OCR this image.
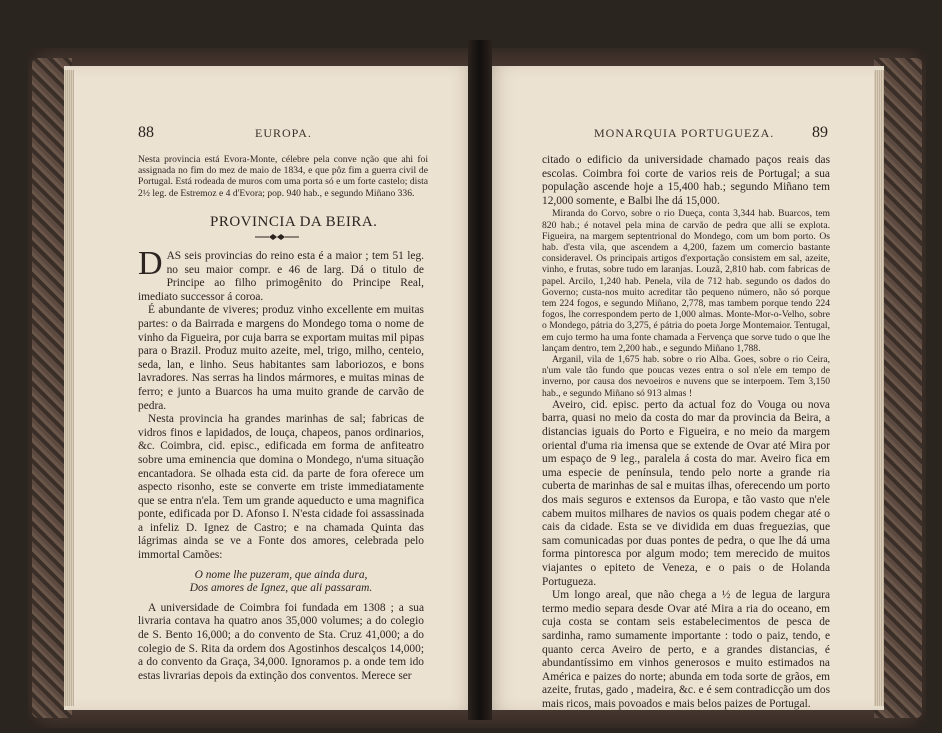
88	EUROPA.

Nesta provincia está Evora-Monte, célebre pela conve nção que ahi foi assignada no fim do mez de maio de 1834, e que pôz fim a guerra civil de Portugal. Está rodeada de muros com uma porta só e um forte castelo; dista 2½ leg. de Estremoz e 4 d'Evora; pop. 940 hab., e segundo Miñano 336.

PROVINCIA DA BEIRA.

DAS seis provincias do reino esta é a maior ; tem 51 leg. no seu maior compr. e 46 de larg. Dá o titulo de Principe ao filho primogênito do Principe Real, imediato successor á coroa.

É abundante de viveres; produz vinho excellente em muitas partes: o da Bairrada e margens do Mondego toma o nome de vinho da Figueira, por cuja barra se exportam muitas mil pipas para o Brazil. Produz muito azeite, mel, trigo, milho, centeio, seda, lan, e linho. Seus habitantes sam laboriozos, e bons lavradores. Nas serras ha lindos mármores, e muitas minas de ferro; e junto a Buarcos ha uma muito grande de carvão de pedra.

Nesta provincia ha grandes marinhas de sal; fabricas de vidros finos e lapidados, de louça, chapeos, panos ordinarios, &c. Coimbra, cid. episc., edificada em forma de anfiteatro sobre uma eminencia que domina o Mondego, n'uma situação encantadora. Se olhada esta cid. da parte de fora oferece um aspecto risonho, este se converte em triste immediatamente que se entra n'ela. Tem um grande aqueducto e uma magnifica ponte, edificada por D. Afonso I. N'esta cidade foi assassinada a infeliz D. Ignez de Castro; e na chamada Quinta das lágrimas ainda se ve a Fonte dos amores, celebrada pelo immortal Camões:

O nome lhe puzeram, que ainda dura,

Dos amores de Ignez, que ali passaram.

A universidade de Coimbra foi fundada em 1308 ; a sua livraria contava ha quatro anos 35,000 volumes; a do colegio de S. Bento 16,000; a do convento de Sta. Cruz 41,000; a do colegio de S. Rita da ordem dos Agostinhos descalços 14,000; a do convento da Graça, 34,000. Ignoramos p. a onde tem ido estas livrarias depois da extinção dos conventos. Merece ser

MONARQUIA PORTUGUEZA. 89

citado o edificio da universidade chamado paços reais das escolas. Coimbra foi corte de varios reis de Portugal; a sua população ascende hoje a 15,400 hab.; segundo Miñano tem 12,000 somente, e Balbi lhe dá 15,000.

Miranda do Corvo, sobre o rio Dueça, conta 3,344 hab. Buarcos, tem 820 hab.; é notavel pela mina de carvão de pedra que alli se explota. Figueira, na margem septentrional do Mondego, com um bom porto. Os hab. d'esta vila, que ascendem a 4,200, fazem um comercio bastante consideravel. Os principais artigos d'exportação consistem em sal, azeite, vinho, e frutas, sobre tudo em laranjas. Louzã, 2,810 hab. com fabricas de papel. Arcilo, 1,240 hab. Penela, vila de 712 hab. segundo os dados do Governo; custa-nos muito acreditar tão pequeno número, não só porque tem 224 fogos, e segundo Miñano, 2,778, mas tambem porque tendo 224 fogos, lhe correspondem perto de 1,000 almas. Monte-Mor-o-Velho, sobre o Mondego, pátria do 3,275, é pátria do poeta Jorge Montemaior. Tentugal, em cujo termo ha uma fonte chamada a Fervença que sorve tudo o que lhe lançam dentro, tem 2,200 hab., e segundo Miñano 1,788.

Arganil, vila de 1,675 hab. sobre o rio Alba. Goes, sobre o rio Ceira, n'um vale tão fundo que poucas vezes entra o sol n'ele em tempo de inverno, por causa dos nevoeiros e nuvens que se interpoem. Tem 3,150 hab., e segundo Miñano só 913 almas !

Aveiro, cid. episc. perto da actual foz do Vouga ou nova barra, quasi no meio da costa do mar da provincia da Beira, a distancias iguais do Porto e Figueira, e no meio da margem oriental d'uma ria imensa que se extende de Ovar até Mira por um espaço de 9 leg., paralela á costa do mar. Aveiro fica em uma especie de península, tendo pelo norte a grande ria cuberta de marinhas de sal e muitas ilhas, oferecendo um porto dos mais seguros e extensos da Europa, e tão vasto que n'ele cabem muitos milhares de navios os quais podem chegar até o cais da cidade. Esta se ve dividida em duas freguezias, que sam comunicadas por duas pontes de pedra, o que lhe dá uma forma pintoresca por algum modo; tem merecido de muitos viajantes o epiteto de Veneza, e o pais o de Holanda Portugueza.

Um longo areal, que não chega a ½ de legua de largura termo medio separa desde Ovar até Mira a ria do oceano, em cuja costa se contam seis estabelecimentos de pesca de sardinha, ramo sumamente importante : todo o paiz, tendo, e quanto cerca Aveiro de perto, e a grandes distancias, é abundantíssimo em vinhos generosos e muito estimados na América e paizes do norte; abunda em toda sorte de grãos, em azeite, frutas, gado , madeira, &c. e é sem contradicção um dos mais ricos, mais povoados e mais belos paizes de Portugal.
